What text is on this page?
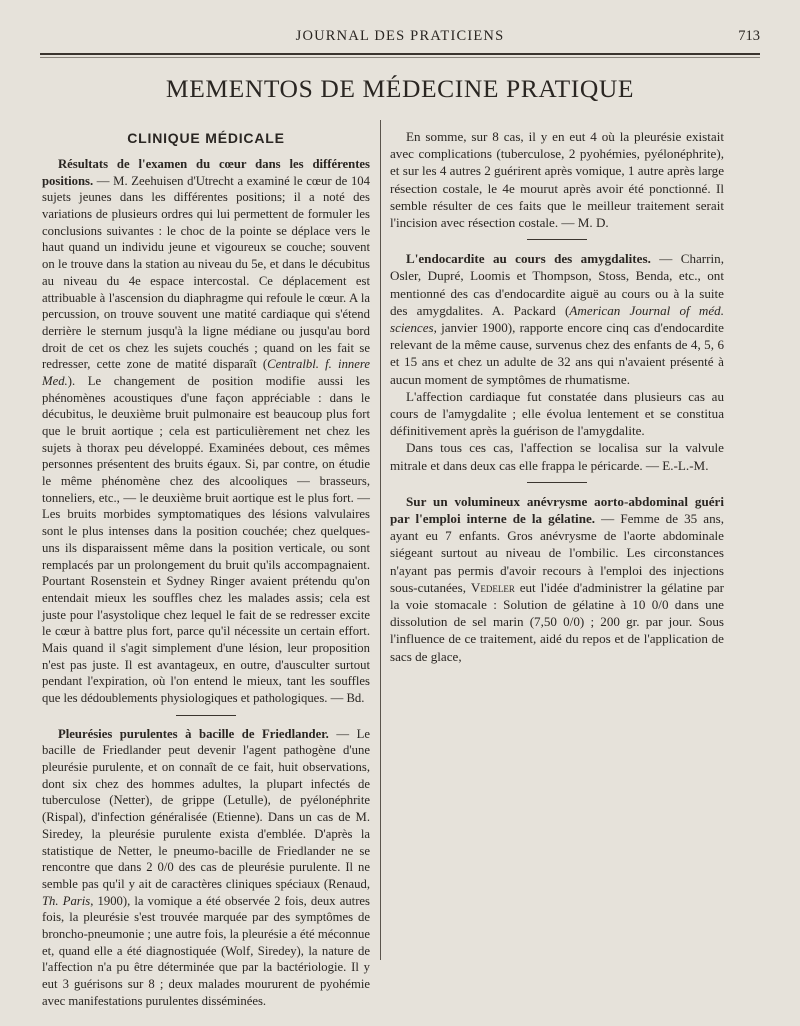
JOURNAL DES PRATICIENS	713
MEMENTOS DE MÉDECINE PRATIQUE
CLINIQUE MÉDICALE

Résultats de l'examen du cœur dans les différentes positions. — M. Zeehuisen d'Utrecht a examiné le cœur de 104 sujets jeunes dans les différentes positions; il a noté des variations de plusieurs ordres qui lui permettent de formuler les conclusions suivantes : le choc de la pointe se déplace vers le haut quand un individu jeune et vigoureux se couche; souvent on le trouve dans la station au niveau du 5e, et dans le décubitus au niveau du 4e espace intercostal. Ce déplacement est attribuable à l'ascension du diaphragme qui refoule le cœur. A la percussion, on trouve souvent une matité cardiaque qui s'étend derrière le sternum jusqu'à la ligne médiane ou jusqu'au bord droit de cet os chez les sujets couchés ; quand on les fait se redresser, cette zone de matité disparaît (Centralbl. f. innere Med.). Le changement de position modifie aussi les phénomènes acoustiques d'une façon appréciable : dans le décubitus, le deuxième bruit pulmonaire est beaucoup plus fort que le bruit aortique ; cela est particulièrement net chez les sujets à thorax peu développé. Examinées debout, ces mêmes personnes présentent des bruits égaux. Si, par contre, on étudie le même phénomène chez des alcooliques — brasseurs, tonneliers, etc., — le deuxième bruit aortique est le plus fort. — Les bruits morbides symptomatiques des lésions valvulaires sont le plus intenses dans la position couchée; chez quelques-uns ils disparaissent même dans la position verticale, ou sont remplacés par un prolongement du bruit qu'ils accompagnaient. Pourtant Rosenstein et Sydney Ringer avaient prétendu qu'on entendait mieux les souffles chez les malades assis; cela est juste pour l'asystolique chez lequel le fait de se redresser excite le cœur à battre plus fort, parce qu'il nécessite un certain effort. Mais quand il s'agit simplement d'une lésion, leur proposition n'est pas juste. Il est avantageux, en outre, d'ausculter surtout pendant l'expiration, où l'on entend le mieux, tant les souffles que les dédoublements physiologiques et pathologiques. — Bd.

Pleurésies purulentes à bacille de Friedlander. — Le bacille de Friedlander peut devenir l'agent pathogène d'une pleurésie purulente, et on connaît de ce fait, huit observations, dont six chez des hommes adultes, la plupart infectés de tuberculose (Netter), de grippe (Letulle), de pyélonéphrite (Rispal), d'infection généralisée (Etienne). Dans un cas de M. Siredey, la pleurésie purulente exista d'emblée. D'après la statistique de Netter, le pneumo-bacille de Friedlander ne se rencontre que dans 2 0/0 des cas de pleurésie purulente. Il ne semble pas qu'il y ait de caractères cliniques spéciaux (Renaud, Th. Paris, 1900), la vomique a été observée 2 fois, deux autres fois, la pleurésie s'est trouvée marquée par des symptômes de broncho-pneumonie ; une autre fois, la pleurésie a été méconnue et, quand elle a été diagnostiquée (Wolf, Siredey), la nature de l'affection n'a pu être déterminée que par la bactériologie. Il y eut 3 guérisons sur 8 ; deux malades moururent de pyohémie avec manifestations purulentes disséminées.

En somme, sur 8 cas, il y en eut 4 où la pleurésie existait avec complications (tuberculose, 2 pyohémies, pyélonéphrite), et sur les 4 autres 2 guérirent après vomique, 1 autre après large résection costale, le 4e mourut après avoir été ponctionné. Il semble résulter de ces faits que le meilleur traitement serait l'incision avec résection costale. — M. D.

L'endocardite au cours des amygdalites. — Charrin, Osler, Dupré, Loomis et Thompson, Stoss, Benda, etc., ont mentionné des cas d'endocardite aiguë au cours ou à la suite des amygdalites. A. Packard (American Journal of méd. sciences, janvier 1900), rapporte encore cinq cas d'endocardite relevant de la même cause, survenus chez des enfants de 4, 5, 6 et 15 ans et chez un adulte de 32 ans qui n'avaient présenté à aucun moment de symptômes de rhumatisme.

L'affection cardiaque fut constatée dans plusieurs cas au cours de l'amygdalite ; elle évolua lentement et se constitua définitivement après la guérison de l'amygdalite.

Dans tous ces cas, l'affection se localisa sur la valvule mitrale et dans deux cas elle frappa le péricarde. — E.-L.-M.

Sur un volumineux anévrysme aorto-abdominal guéri par l'emploi interne de la gélatine. — Femme de 35 ans, ayant eu 7 enfants. Gros anévrysme de l'aorte abdominale siégeant surtout au niveau de l'ombilic. Les circonstances n'ayant pas permis d'avoir recours à l'emploi des injections sous-cutanées, Vedeler eut l'idée d'administrer la gélatine par la voie stomacale : Solution de gélatine à 10 0/0 dans une dissolution de sel marin (7,50 0/0) ; 200 gr. par jour. Sous l'influence de ce traitement, aidé du repos et de l'application de sacs de glace,
